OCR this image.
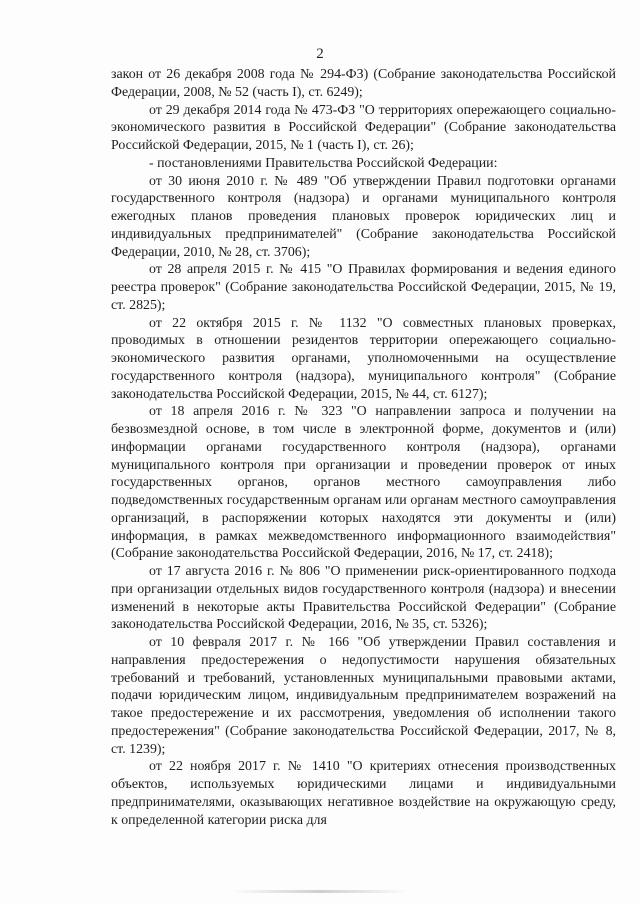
2

закон от 26 декабря 2008 года № 294-ФЗ) (Собрание законодательства Российской Федерации, 2008, № 52 (часть I), ст. 6249);

от 29 декабря 2014 года № 473-ФЗ "О территориях опережающего социально-экономического развития в Российской Федерации" (Собрание законодательства Российской Федерации, 2015, № 1 (часть I), ст. 26);

- постановлениями Правительства Российской Федерации:

от 30 июня 2010 г. № 489 "Об утверждении Правил подготовки органами государственного контроля (надзора) и органами муниципального контроля ежегодных планов проведения плановых проверок юридических лиц и индивидуальных предпринимателей" (Собрание законодательства Российской Федерации, 2010, № 28, ст. 3706);

от 28 апреля 2015 г. № 415 "О Правилах формирования и ведения единого реестра проверок" (Собрание законодательства Российской Федерации, 2015, № 19, ст. 2825);

от 22 октября 2015 г. № 1132 "О совместных плановых проверках, проводимых в отношении резидентов территории опережающего социально-экономического развития органами, уполномоченными на осуществление государственного контроля (надзора), муниципального контроля" (Собрание законодательства Российской Федерации, 2015, № 44, ст. 6127);

от 18 апреля 2016 г. № 323 "О направлении запроса и получении на безвозмездной основе, в том числе в электронной форме, документов и (или) информации органами государственного контроля (надзора), органами муниципального контроля при организации и проведении проверок от иных государственных органов, органов местного самоуправления либо подведомственных государственным органам или органам местного самоуправления организаций, в распоряжении которых находятся эти документы и (или) информация, в рамках межведомственного информационного взаимодействия" (Собрание законодательства Российской Федерации, 2016, № 17, ст. 2418);

от 17 августа 2016 г. № 806 "О применении риск-ориентированного подхода при организации отдельных видов государственного контроля (надзора) и внесении изменений в некоторые акты Правительства Российской Федерации" (Собрание законодательства Российской Федерации, 2016, № 35, ст. 5326);

от 10 февраля 2017 г. № 166 "Об утверждении Правил составления и направления предостережения о недопустимости нарушения обязательных требований и требований, установленных муниципальными правовыми актами, подачи юридическим лицом, индивидуальным предпринимателем возражений на такое предостережение и их рассмотрения, уведомления об исполнении такого предостережения" (Собрание законодательства Российской Федерации, 2017, № 8, ст. 1239);

от 22 ноября 2017 г. № 1410 "О критериях отнесения производственных объектов, используемых юридическими лицами и индивидуальными предпринимателями, оказывающих негативное воздействие на окружающую среду, к определенной категории риска для
